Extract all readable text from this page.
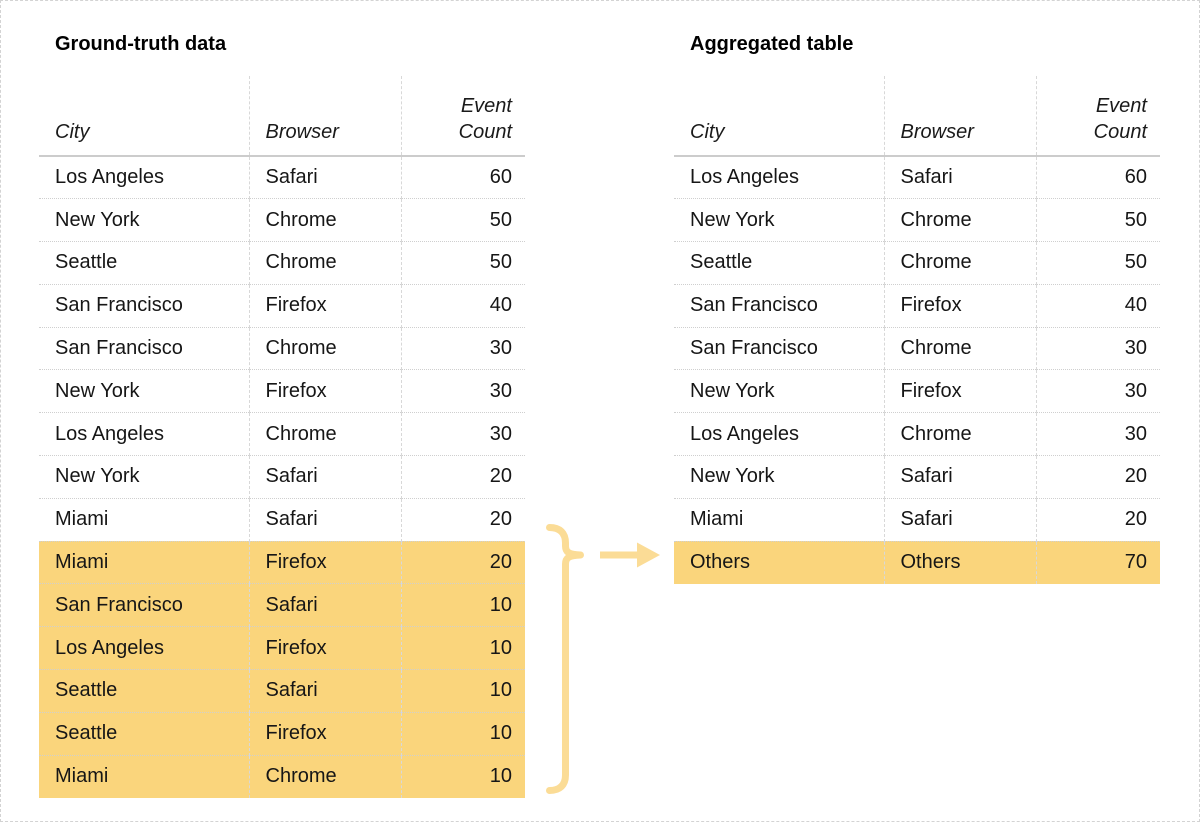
Ground-truth data
City	Browser	Event Count
Los Angeles	Safari	60
New York	Chrome	50
Seattle	Chrome	50
San Francisco	Firefox	40
San Francisco	Chrome	30
New York	Firefox	30
Los Angeles	Chrome	30
New York	Safari	20
Miami	Safari	20
Miami	Firefox	20
San Francisco	Safari	10
Los Angeles	Firefox	10
Seattle	Safari	10
Seattle	Firefox	10
Miami	Chrome	10
Aggregated table
City	Browser	Event Count
Los Angeles	Safari	60
New York	Chrome	50
Seattle	Chrome	50
San Francisco	Firefox	40
San Francisco	Chrome	30
New York	Firefox	30
Los Angeles	Chrome	30
New York	Safari	20
Miami	Safari	20
Others	Others	70
